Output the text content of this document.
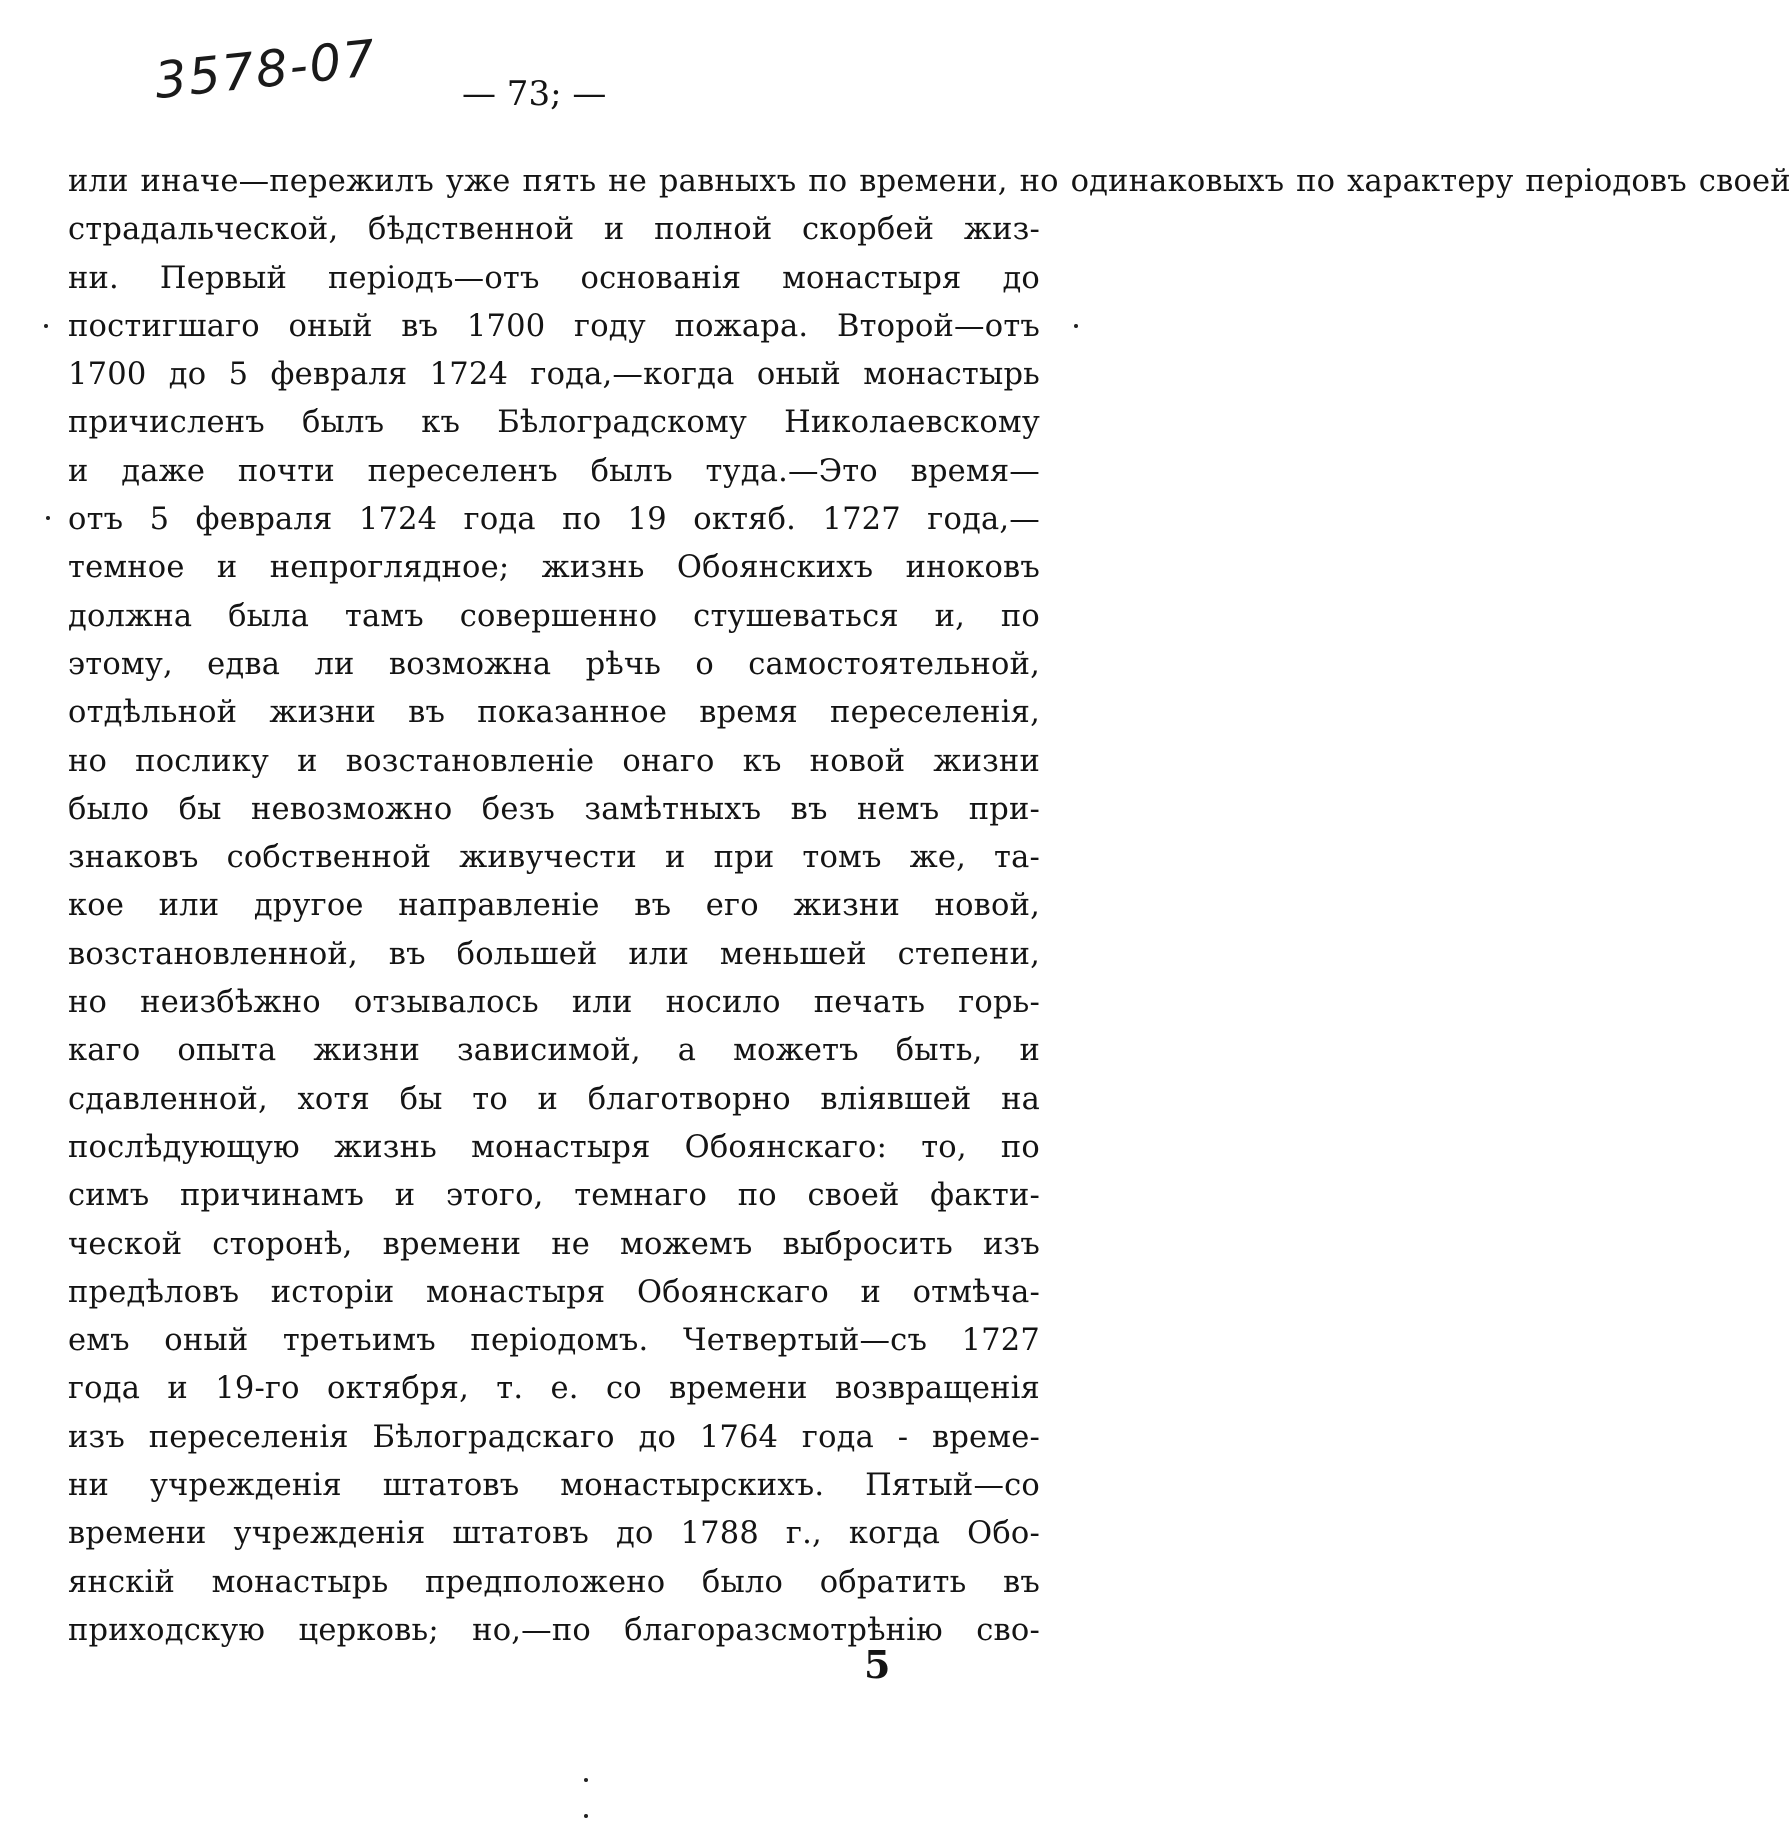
3578-07 — 73; —
или иначе—пережилъ уже пять не равныхъ по времени, но одинаковыхъ по характеру періодовъ своей
страдальческой, бѣдственной и полной скорбей жиз-
ни. Первый періодъ—отъ основанія монастыря до
постигшаго оный въ 1700 году пожара. Второй—отъ
1700 до 5 февраля 1724 года,—когда оный монастырь
причисленъ былъ къ Бѣлоградскому Николаевскому
и даже почти переселенъ былъ туда.—Это время—
отъ 5 февраля 1724 года по 19 октяб. 1727 года,—
темное и непроглядное; жизнь Обоянскихъ иноковъ
должна была тамъ совершенно стушеваться и, по
этому, едва ли возможна рѣчь о самостоятельной,
отдѣльной жизни въ показанное время переселенія,
но послику и возстановленіе онаго къ новой жизни
было бы невозможно безъ замѣтныхъ въ немъ при-
знаковъ собственной живучести и при томъ же, та-
кое или другое направленіе въ его жизни новой,
возстановленной, въ большей или меньшей степени,
но неизбѣжно отзывалось или носило печать горь-
каго опыта жизни зависимой, а можетъ быть, и
сдавленной, хотя бы то и благотворно вліявшей на
послѣдующую жизнь монастыря Обоянскаго: то, по
симъ причинамъ и этого, темнаго по своей факти-
ческой сторонѣ, времени не можемъ выбросить изъ
предѣловъ исторіи монастыря Обоянскаго и отмѣча-
емъ оный третьимъ періодомъ. Четвертый—съ 1727
года и 19-го октября, т. е. со времени возвращенія
изъ переселенія Бѣлоградскаго до 1764 года - време-
ни учрежденія штатовъ монастырскихъ. Пятый—со
времени учрежденія штатовъ до 1788 г., когда Обо-
янскій монастырь предположено было обратить въ
приходскую церковь; но,—по благоразсмотрѣнію сво-
5
